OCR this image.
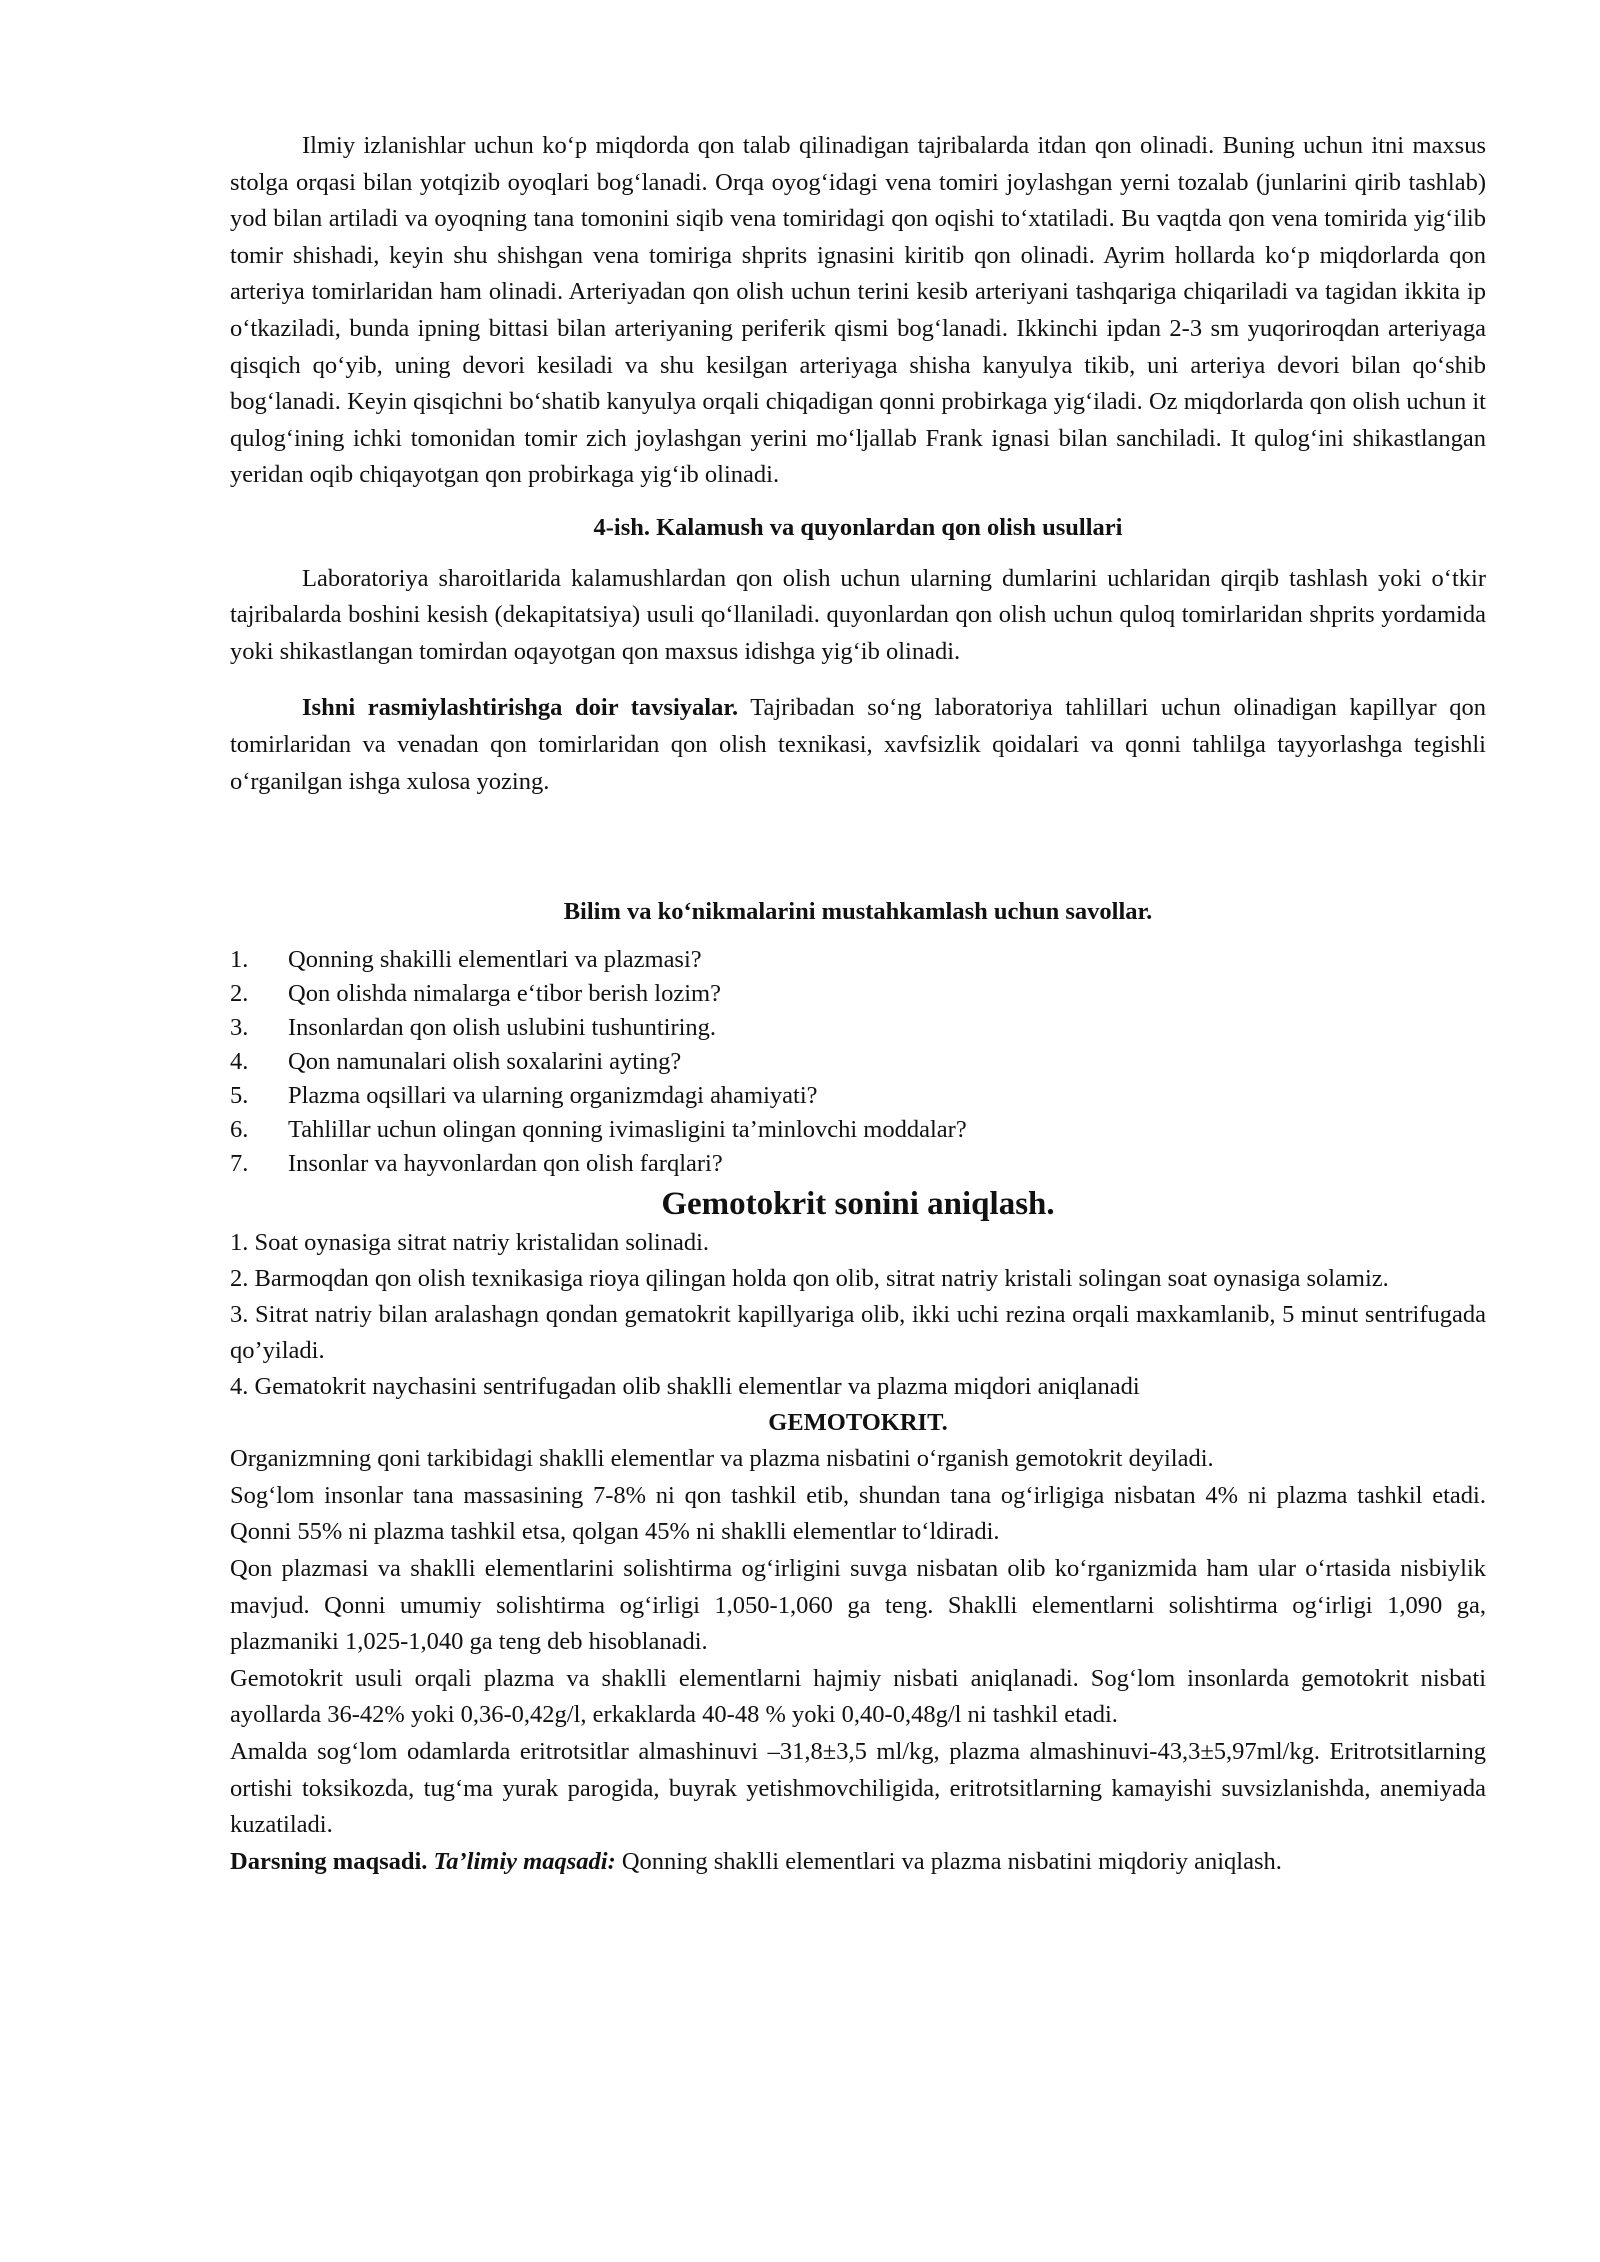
Ilmiy izlanishlar uchun ko‘p miqdorda qon talab qilinadigan tajribalarda itdan qon olinadi. Buning uchun itni maxsus stolga orqasi bilan yotqizib oyoqlari bog‘lanadi. Orqa oyog‘idagi vena tomiri joylashgan yerni tozalab (junlarini qirib tashlab) yod bilan artiladi va oyoqning tana tomonini siqib vena tomiridagi qon oqishi to‘xtatiladi. Bu vaqtda qon vena tomirida yig‘ilib tomir shishadi, keyin shu shishgan vena tomiriga shprits ignasini kiritib qon olinadi. Ayrim hollarda ko‘p miqdorlarda qon arteriya tomirlaridan ham olinadi. Arteriyadan qon olish uchun terini kesib arteriyani tashqariga chiqariladi va tagidan ikkita ip o‘tkaziladi, bunda ipning bittasi bilan arteriyaning periferik qismi bog‘lanadi. Ikkinchi ipdan 2-3 sm yuqoriroqdan arteriyaga qisqich qo‘yib, uning devori kesiladi va shu kesilgan arteriyaga shisha kanyulya tikib, uni arteriya devori bilan qo‘shib bog‘lanadi. Keyin qisqichni bo‘shatib kanyulya orqali chiqadigan qonni probirkaga yig‘iladi. Oz miqdorlarda qon olish uchun it qulog‘ining ichki tomonidan tomir zich joylashgan yerini mo‘ljallab Frank ignasi bilan sanchiladi. It qulog‘ini shikastlangan yeridan oqib chiqayotgan qon probirkaga yig‘ib olinadi.

4-ish. Kalamush va quyonlardan qon olish usullari

Laboratoriya sharoitlarida kalamushlardan qon olish uchun ularning dumlarini uchlaridan qirqib tashlash yoki o‘tkir tajribalarda boshini kesish (dekapitatsiya) usuli qo‘llaniladi. quyonlardan qon olish uchun quloq tomirlaridan shprits yordamida yoki shikastlangan tomirdan oqayotgan qon maxsus idishga yig‘ib olinadi.

Ishni rasmiylashtirishga doir tavsiyalar. Tajribadan so‘ng laboratoriya tahlillari uchun olinadigan kapillyar qon tomirlaridan va venadan qon tomirlaridan qon olish texnikasi, xavfsizlik qoidalari va qonni tahlilga tayyorlashga tegishli o‘rganilgan ishga xulosa yozing.

Bilim va ko‘nikmalarini mustahkamlash uchun savollar.

1.	Qonning shakilli elementlari va plazmasi?
2.	Qon olishda nimalarga e‘tibor berish lozim?
3.	Insonlardan qon olish uslubini tushuntiring.
4.	Qon namunalari olish soxalarini ayting?
5.	Plazma oqsillari va ularning organizmdagi ahamiyati?
6.	Tahlillar uchun olingan qonning ivimasligini ta’minlovchi moddalar?
7.	Insonlar va hayvonlardan qon olish farqlari?

Gemotokrit sonini aniqlash.

1. Soat oynasiga sitrat natriy kristalidan solinadi.

2. Barmoqdan qon olish texnikasiga rioya qilingan holda qon olib, sitrat natriy kristali solingan soat oynasiga solamiz.

3. Sitrat natriy bilan aralashagn qondan gematokrit kapillyariga olib, ikki uchi rezina orqali maxkamlanib, 5 minut sentrifugada qo’yiladi.

4. Gematokrit naychasini sentrifugadan olib shaklli elementlar va plazma miqdori aniqlanadi

GEMOTOKRIT.

Organizmning qoni tarkibidagi shaklli elementlar va plazma nisbatini o‘rganish gemotokrit deyiladi.

Sog‘lom insonlar tana massasining 7-8% ni qon tashkil etib, shundan tana og‘irligiga nisbatan 4% ni plazma tashkil etadi. Qonni 55% ni plazma tashkil etsa, qolgan 45% ni shaklli elementlar to‘ldiradi.

Qon plazmasi va shaklli elementlarini solishtirma og‘irligini suvga nisbatan olib ko‘rganizmida ham ular o‘rtasida nisbiylik mavjud. Qonni umumiy solishtirma og‘irligi 1,050-1,060 ga teng. Shaklli elementlarni solishtirma og‘irligi 1,090 ga, plazmaniki 1,025-1,040 ga teng deb hisoblanadi.

Gemotokrit usuli orqali plazma va shaklli elementlarni hajmiy nisbati aniqlanadi. Sog‘lom insonlarda gemotokrit nisbati ayollarda 36-42% yoki 0,36-0,42g/l, erkaklarda 40-48 % yoki 0,40-0,48g/l ni tashkil etadi.

Amalda sog‘lom odamlarda eritrotsitlar almashinuvi –31,8±3,5 ml/kg, plazma almashinuvi-43,3±5,97ml/kg. Eritrotsitlarning ortishi toksikozda, tug‘ma yurak parogida, buyrak yetishmovchiligida, eritrotsitlarning kamayishi suvsizlanishda, anemiyada kuzatiladi.

Darsning maqsadi. Ta’limiy maqsadi: Qonning shaklli elementlari va plazma nisbatini miqdoriy aniqlash.
